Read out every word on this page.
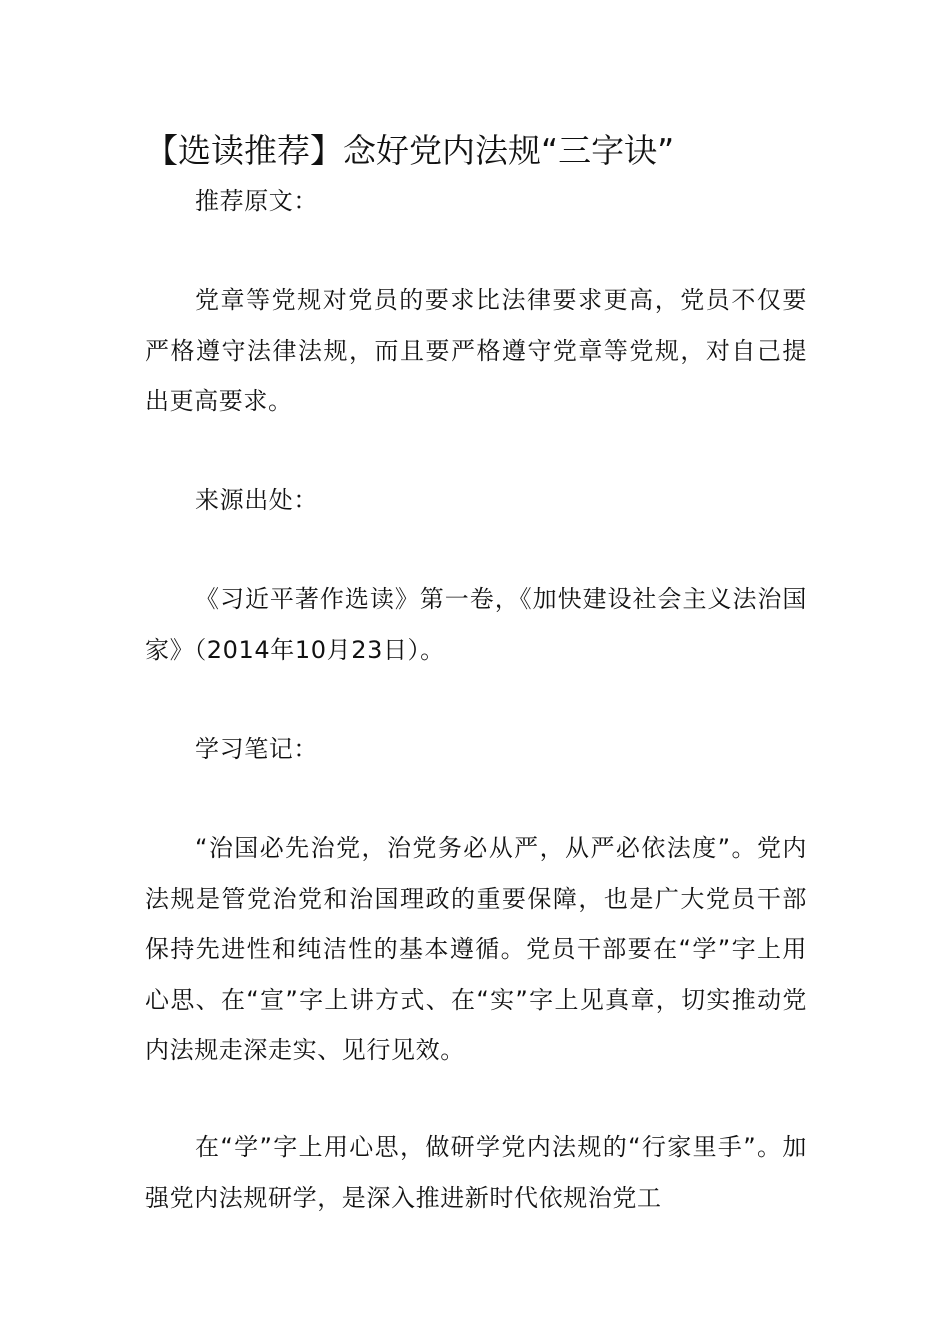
【选读推荐】念好党内法规“三字诀”
推荐原文：

党章等党规对党员的要求比法律要求更高，党员不仅要严格遵守法律法规，而且要严格遵守党章等党规，对自己提出更高要求。

来源出处：

《习近平著作选读》第一卷，《加快建设社会主义法治国家》（2014年10月23日）。

学习笔记：

“治国必先治党，治党务必从严，从严必依法度”。党内法规是管党治党和治国理政的重要保障，也是广大党员干部保持先进性和纯洁性的基本遵循。党员干部要在“学”字上用心思、在“宣”字上讲方式、在“实”字上见真章，切实推动党内法规走深走实、见行见效。

在“学”字上用心思，做研学党内法规的“行家里手”。加强党内法规研学，是深入推进新时代依规治党工
